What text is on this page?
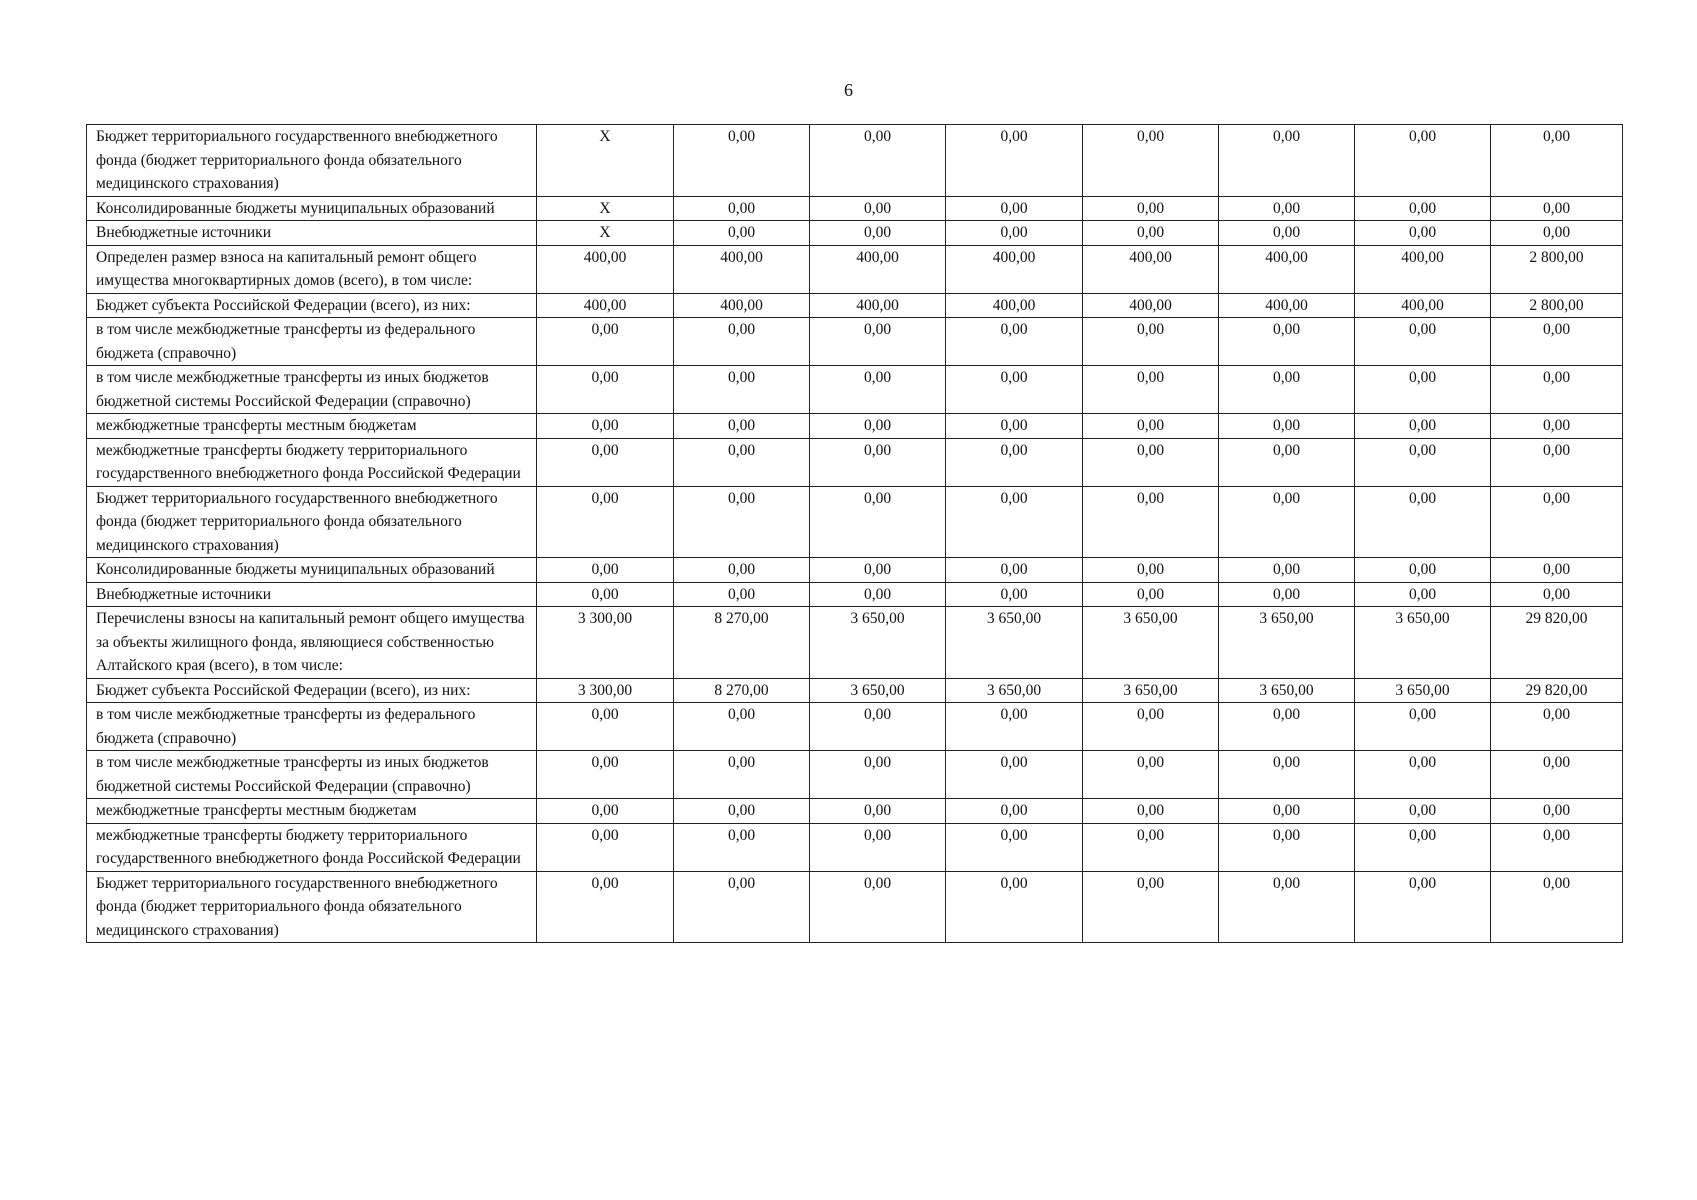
6
Бюджет территориального государственного внебюджетного фонда (бюджет территориального фонда обязательного медицинского страхования)	Х	0,00	0,00	0,00	0,00	0,00	0,00	0,00
Консолидированные бюджеты муниципальных образований	Х	0,00	0,00	0,00	0,00	0,00	0,00	0,00
Внебюджетные источники	Х	0,00	0,00	0,00	0,00	0,00	0,00	0,00
Определен размер взноса на капитальный ремонт общего имущества многоквартирных домов (всего), в том числе:	400,00	400,00	400,00	400,00	400,00	400,00	400,00	2 800,00
Бюджет субъекта Российской Федерации (всего), из них:	400,00	400,00	400,00	400,00	400,00	400,00	400,00	2 800,00
в том числе межбюджетные трансферты из федерального бюджета (справочно)	0,00	0,00	0,00	0,00	0,00	0,00	0,00	0,00
в том числе межбюджетные трансферты из иных бюджетов бюджетной системы Российской Федерации (справочно)	0,00	0,00	0,00	0,00	0,00	0,00	0,00	0,00
межбюджетные трансферты местным бюджетам	0,00	0,00	0,00	0,00	0,00	0,00	0,00	0,00
межбюджетные трансферты бюджету территориального государственного внебюджетного фонда Российской Федерации	0,00	0,00	0,00	0,00	0,00	0,00	0,00	0,00
Бюджет территориального государственного внебюджетного фонда (бюджет территориального фонда обязательного медицинского страхования)	0,00	0,00	0,00	0,00	0,00	0,00	0,00	0,00
Консолидированные бюджеты муниципальных образований	0,00	0,00	0,00	0,00	0,00	0,00	0,00	0,00
Внебюджетные источники	0,00	0,00	0,00	0,00	0,00	0,00	0,00	0,00
Перечислены взносы на капитальный ремонт общего имущества за объекты жилищного фонда, являющиеся собственностью Алтайского края (всего), в том числе:	3 300,00	8 270,00	3 650,00	3 650,00	3 650,00	3 650,00	3 650,00	29 820,00
Бюджет субъекта Российской Федерации (всего), из них:	3 300,00	8 270,00	3 650,00	3 650,00	3 650,00	3 650,00	3 650,00	29 820,00
в том числе межбюджетные трансферты из федерального бюджета (справочно)	0,00	0,00	0,00	0,00	0,00	0,00	0,00	0,00
в том числе межбюджетные трансферты из иных бюджетов бюджетной системы Российской Федерации (справочно)	0,00	0,00	0,00	0,00	0,00	0,00	0,00	0,00
межбюджетные трансферты местным бюджетам	0,00	0,00	0,00	0,00	0,00	0,00	0,00	0,00
межбюджетные трансферты бюджету территориального государственного внебюджетного фонда Российской Федерации	0,00	0,00	0,00	0,00	0,00	0,00	0,00	0,00
Бюджет территориального государственного внебюджетного фонда (бюджет территориального фонда обязательного медицинского страхования)	0,00	0,00	0,00	0,00	0,00	0,00	0,00	0,00
